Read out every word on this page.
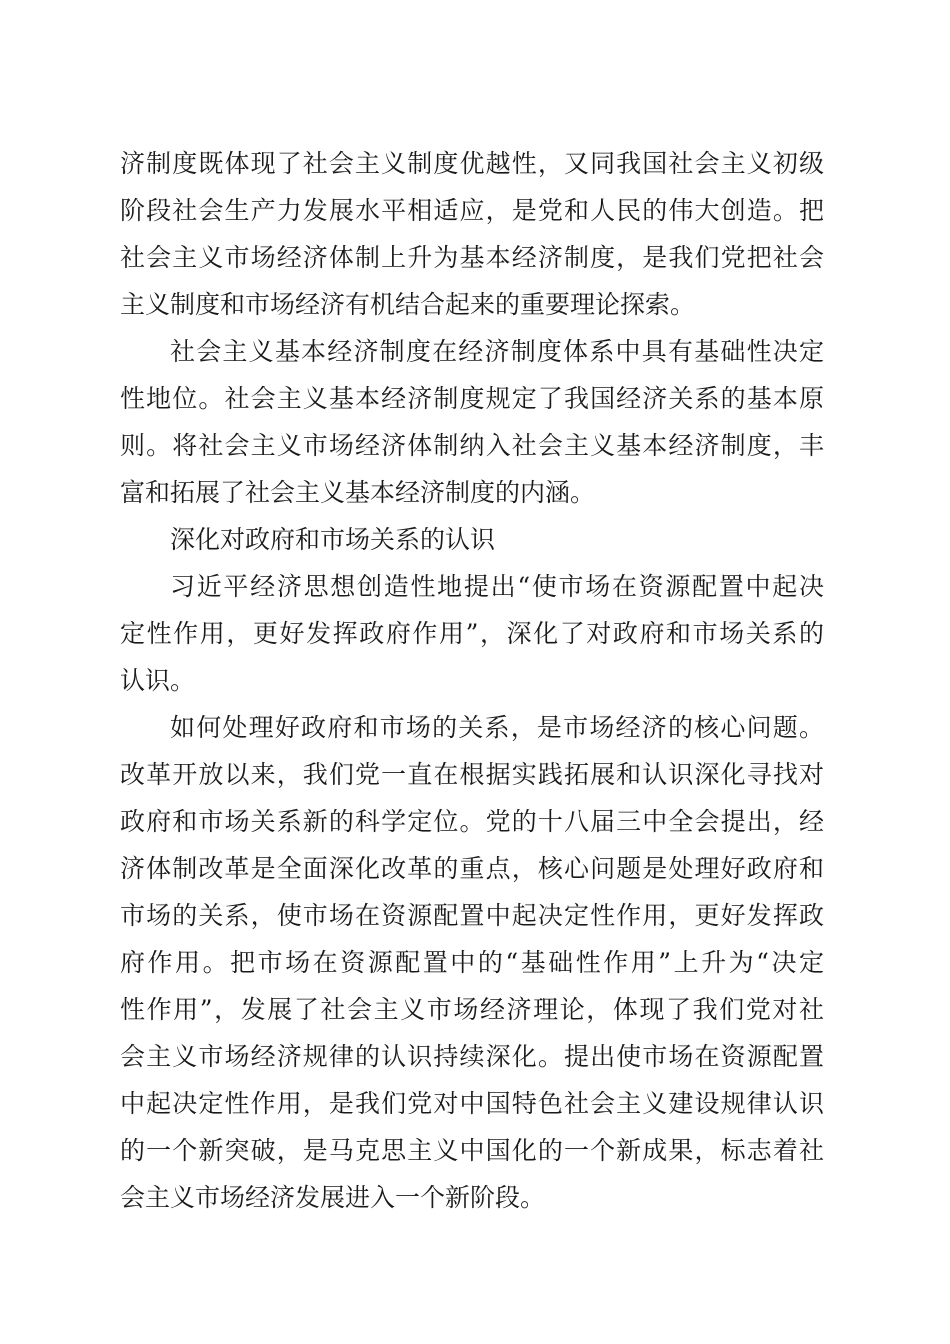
济制度既体现了社会主义制度优越性，又同我国社会主义初级
阶段社会生产力发展水平相适应，是党和人民的伟大创造。把
社会主义市场经济体制上升为基本经济制度，是我们党把社会
主义制度和市场经济有机结合起来的重要理论探索。
社会主义基本经济制度在经济制度体系中具有基础性决定
性地位。社会主义基本经济制度规定了我国经济关系的基本原
则。将社会主义市场经济体制纳入社会主义基本经济制度，丰
富和拓展了社会主义基本经济制度的内涵。
深化对政府和市场关系的认识
习近平经济思想创造性地提出“使市场在资源配置中起决
定性作用，更好发挥政府作用”，深化了对政府和市场关系的
认识。
如何处理好政府和市场的关系，是市场经济的核心问题。
改革开放以来，我们党一直在根据实践拓展和认识深化寻找对
政府和市场关系新的科学定位。党的十八届三中全会提出，经
济体制改革是全面深化改革的重点，核心问题是处理好政府和
市场的关系，使市场在资源配置中起决定性作用，更好发挥政
府作用。把市场在资源配置中的“基础性作用”上升为“决定
性作用”，发展了社会主义市场经济理论，体现了我们党对社
会主义市场经济规律的认识持续深化。提出使市场在资源配置
中起决定性作用，是我们党对中国特色社会主义建设规律认识
的一个新突破，是马克思主义中国化的一个新成果，标志着社
会主义市场经济发展进入一个新阶段。
